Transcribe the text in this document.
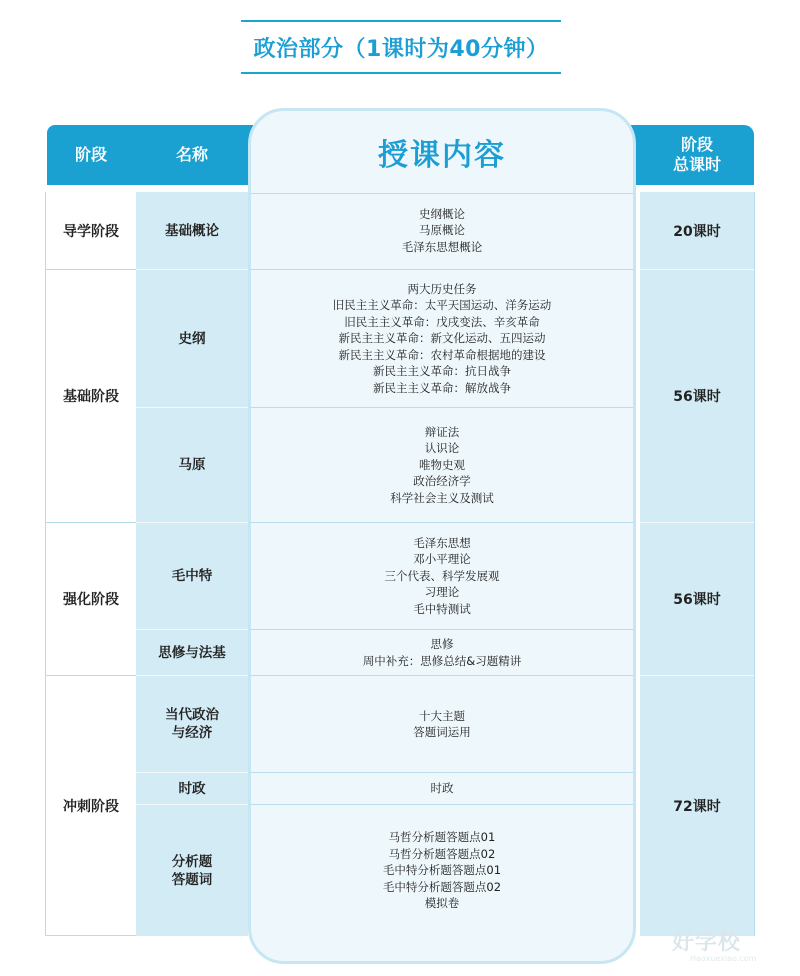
政治部分（1课时为40分钟）
阶段	名称
阶段
总课时
导学阶段
基础阶段
强化阶段
冲刺阶段
基础概论
史纲
马原
毛中特
思修与法基
当代政治
与经济
时政
分析题
答题词
20课时
56课时
56课时
72课时
授课内容
史纲概论
马原概论
毛泽东思想概论
两大历史任务
旧民主主义革命：太平天国运动、洋务运动
旧民主主义革命：戊戌变法、辛亥革命
新民主主义革命：新文化运动、五四运动
新民主主义革命：农村革命根据地的建设
新民主主义革命：抗日战争
新民主主义革命：解放战争
辩证法
认识论
唯物史观
政治经济学
科学社会主义及测试
毛泽东思想
邓小平理论
三个代表、科学发展观
习理论
毛中特测试
思修
周中补充：思修总结&习题精讲
十大主题
答题词运用
时政
马哲分析题答题点01
马哲分析题答题点02
毛中特分析题答题点01
毛中特分析题答题点02
模拟卷
好学校
Haoxuexiao.com
